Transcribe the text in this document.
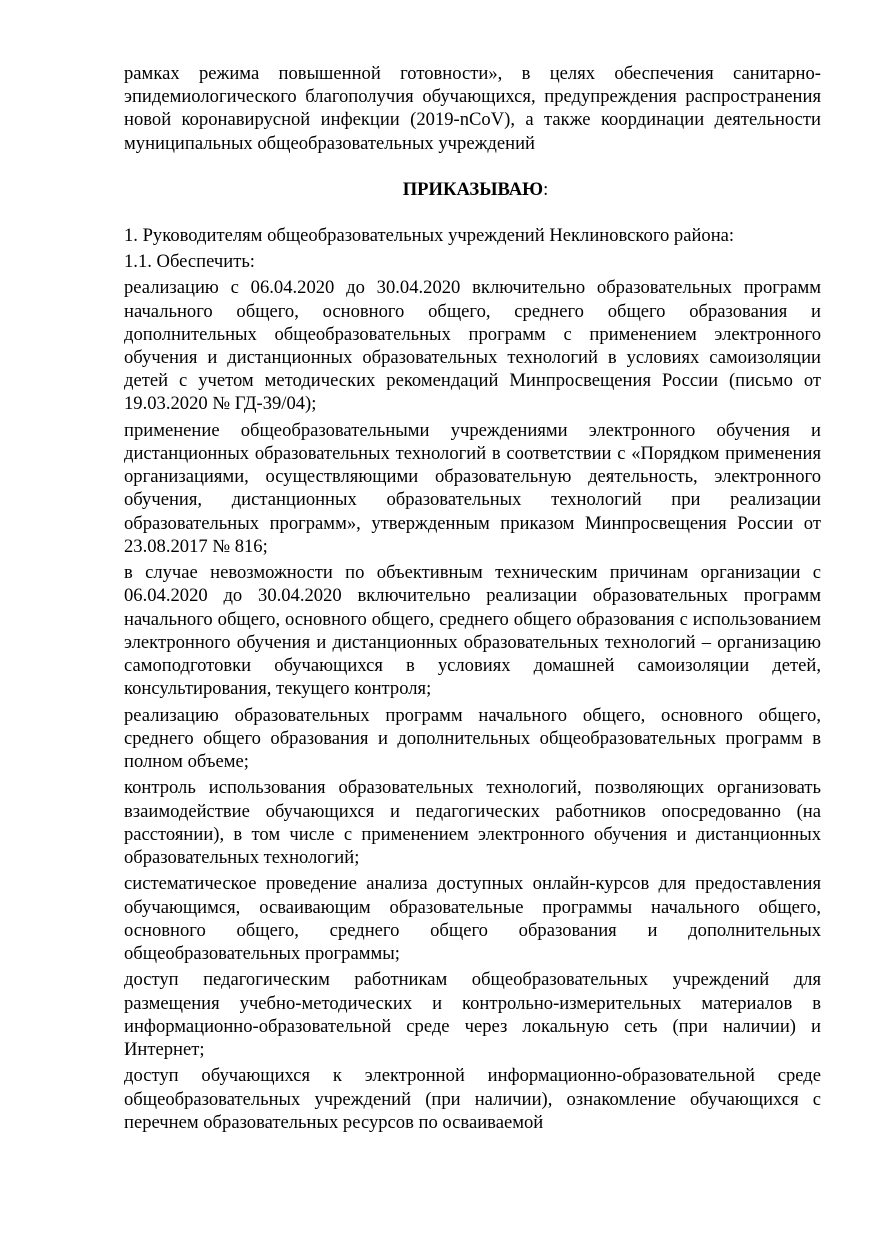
рамках режима повышенной готовности», в целях обеспечения санитарно-эпидемиологического благополучия обучающихся, предупреждения распространения новой коронавирусной инфекции (2019-nCoV), а также координации деятельности муниципальных общеобразовательных учреждений

ПРИКАЗЫВАЮ:

1. Руководителям общеобразовательных учреждений Неклиновского района:

1.1. Обеспечить:

реализацию с 06.04.2020 до 30.04.2020 включительно образовательных программ начального общего, основного общего, среднего общего образования и дополнительных общеобразовательных программ с применением электронного обучения и дистанционных образовательных технологий в условиях самоизоляции детей с учетом методических рекомендаций Минпросвещения России (письмо от 19.03.2020 № ГД-39/04);

применение общеобразовательными учреждениями электронного обучения и дистанционных образовательных технологий в соответствии с «Порядком применения организациями, осуществляющими образовательную деятельность, электронного обучения, дистанционных образовательных технологий при реализации образовательных программ», утвержденным приказом Минпросвещения России от 23.08.2017 № 816;

в случае невозможности по объективным техническим причинам организации с 06.04.2020 до 30.04.2020 включительно реализации образовательных программ начального общего, основного общего, среднего общего образования с использованием электронного обучения и дистанционных образовательных технологий – организацию самоподготовки обучающихся в условиях домашней самоизоляции детей, консультирования, текущего контроля;

реализацию образовательных программ начального общего, основного общего, среднего общего образования и дополнительных общеобразовательных программ в полном объеме;

контроль использования образовательных технологий, позволяющих организовать взаимодействие обучающихся и педагогических работников опосредованно (на расстоянии), в том числе с применением электронного обучения и дистанционных образовательных технологий;

систематическое проведение анализа доступных онлайн-курсов для предоставления обучающимся, осваивающим образовательные программы начального общего, основного общего, среднего общего образования и дополнительных общеобразовательных программы;

доступ педагогическим работникам общеобразовательных учреждений для размещения учебно-методических и контрольно-измерительных материалов в информационно-образовательной среде через локальную сеть (при наличии) и Интернет;

доступ обучающихся к электронной информационно-образовательной среде общеобразовательных учреждений (при наличии), ознакомление обучающихся с перечнем образовательных ресурсов по осваиваемой
